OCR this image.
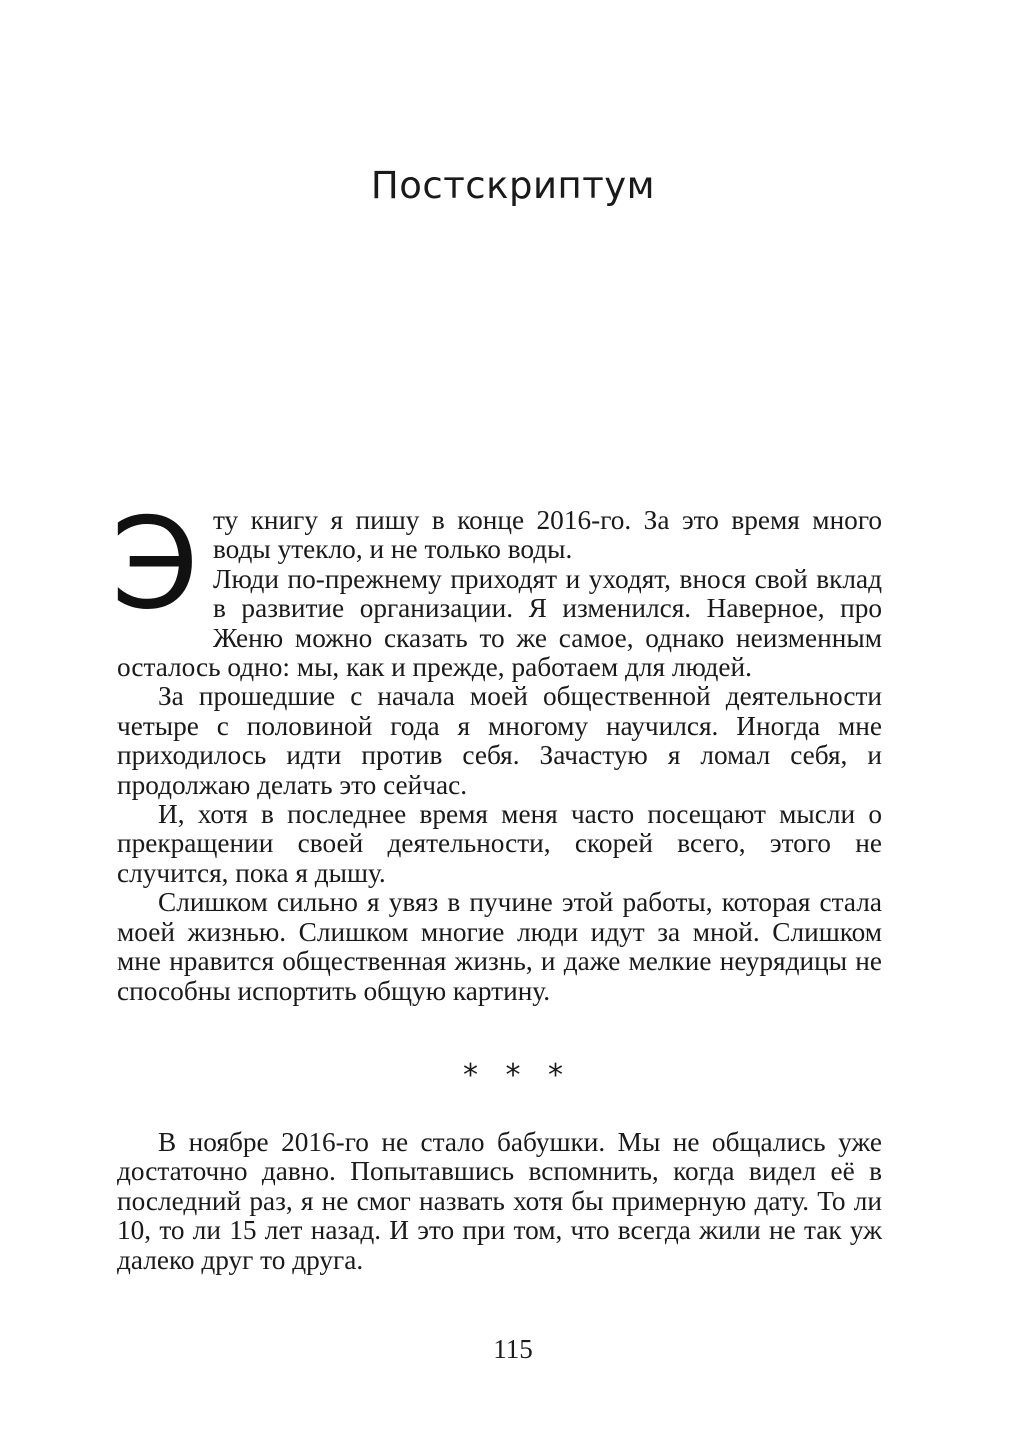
Постскриптум
Э ту книгу я пишу в конце 2016-го. За это время много воды утекло, и не только воды.

Люди по-прежнему приходят и уходят, внося свой вклад в развитие организации. Я изменился. Наверное, про Женю можно сказать то же самое, однако неизменным осталось одно: мы, как и прежде, работаем для людей.

За прошедшие с начала моей общественной деятельности четыре с половиной года я многому научился. Иногда мне приходилось идти против себя. Зачастую я ломал себя, и продолжаю делать это сейчас.

И, хотя в последнее время меня часто посещают мысли о прекращении своей деятельности, скорей всего, этого не случится, пока я дышу.

Слишком сильно я увяз в пучине этой работы, которая стала моей жизнью. Слишком многие люди идут за мной. Слишком мне нравится общественная жизнь, и даже мелкие неурядицы не способны испортить общую картину.

* * *

В ноябре 2016-го не стало бабушки. Мы не общались уже достаточно давно. Попытавшись вспомнить, когда видел её в последний раз, я не смог назвать хотя бы примерную дату. То ли 10, то ли 15 лет назад. И это при том, что всегда жили не так уж далеко друг то друга.

115
